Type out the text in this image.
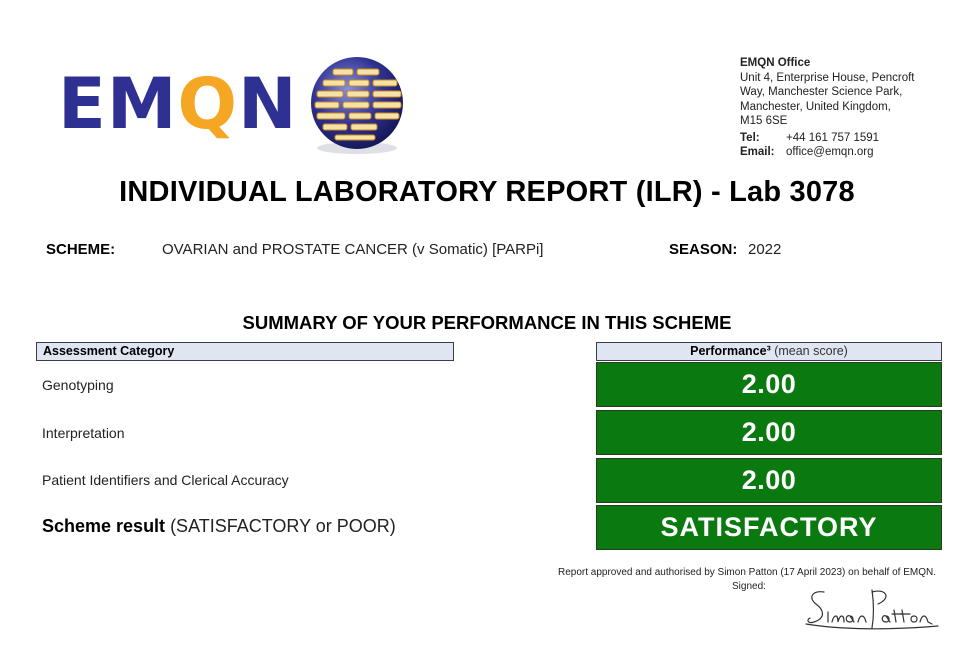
EMQN	EMQN Office
Unit 4, Enterprise House, Pencroft
Way, Manchester Science Park,
Manchester, United Kingdom,
M15 6SE
Tel:	+44 161 757 1591
Email: office@emqn.org
INDIVIDUAL LABORATORY REPORT (ILR) - Lab 3078
SCHEME:	OVARIAN and PROSTATE CANCER (v Somatic) [PARPi]	SEASON: 2022
SUMMARY OF YOUR PERFORMANCE IN THIS SCHEME
Assessment Category	Performance³ (mean score)
Genotyping	2.00
Interpretation	2.00
Patient Identifiers and Clerical Accuracy	2.00
Scheme result (SATISFACTORY or POOR)	SATISFACTORY
Report approved and authorised by Simon Patton (17 April 2023) on behalf of EMQN.
Signed:
